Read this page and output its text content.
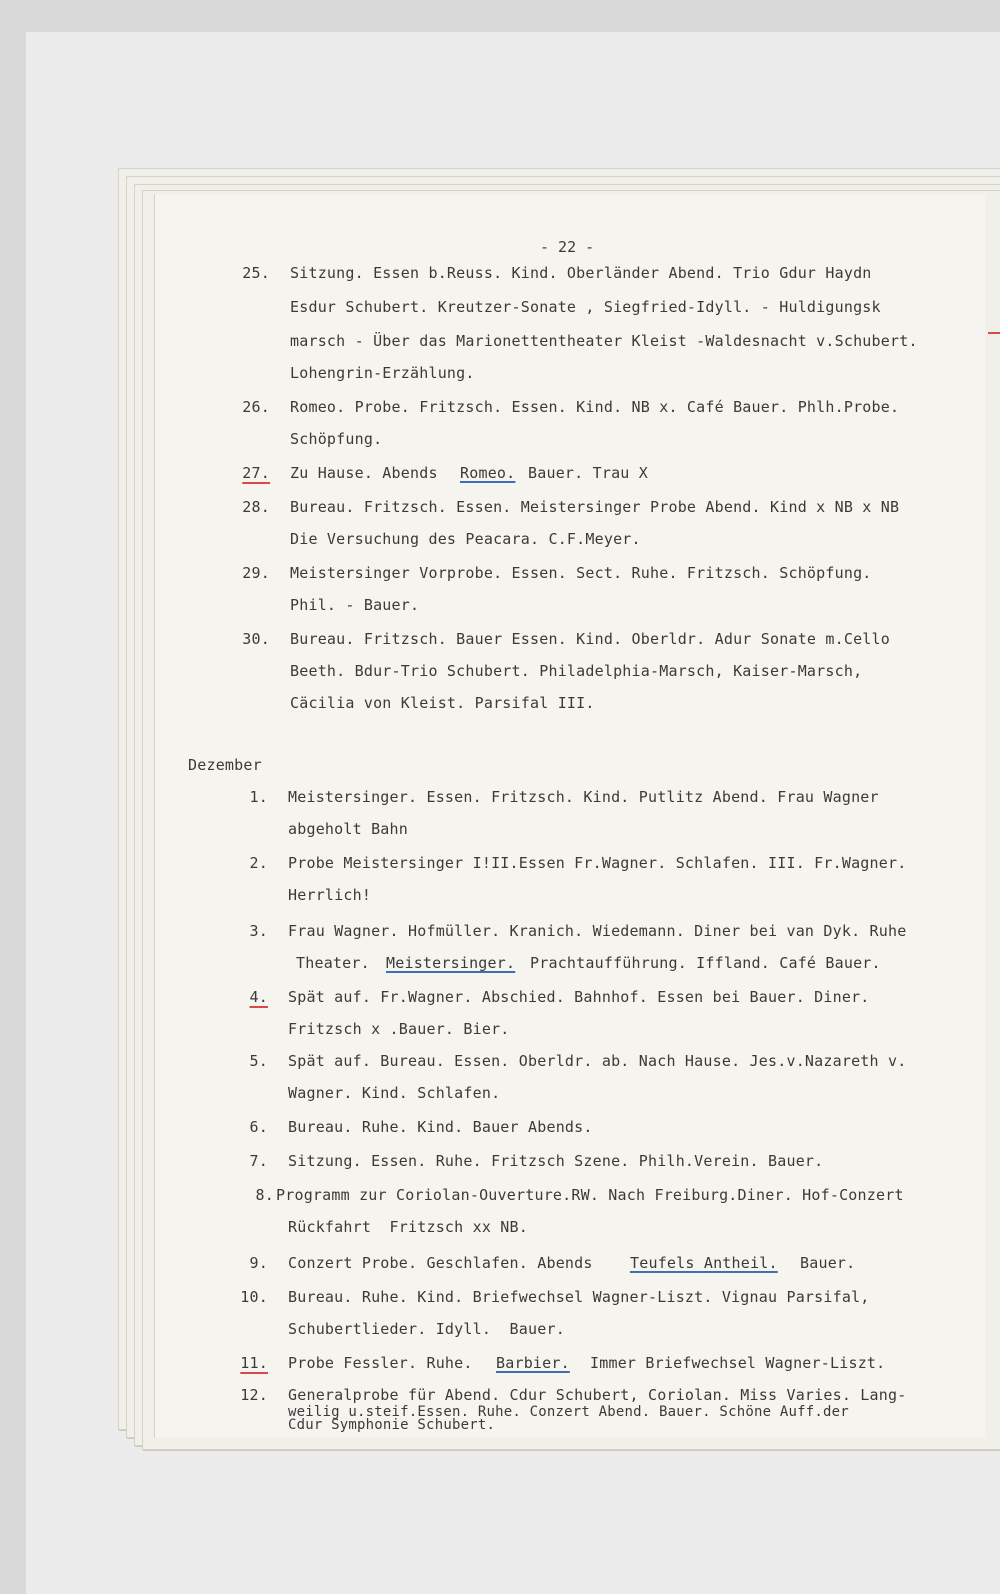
- 22 -
25. Sitzung. Essen b.Reuss. Kind. Oberländer Abend. Trio Gdur Haydn
Esdur Schubert. Kreutzer-Sonate , Siegfried-Idyll. - Huldigungsk
marsch - Über das Marionettentheater Kleist -Waldesnacht v.Schubert.
Lohengrin-Erzählung.
26. Romeo. Probe. Fritzsch. Essen. Kind. NB x. Café Bauer. Phlh.Probe.
Schöpfung.
27. Zu Hause. Abends Romeo. Bauer. Trau X
28. Bureau. Fritzsch. Essen. Meistersinger Probe Abend. Kind x NB x NB
Die Versuchung des Peacara. C.F.Meyer.
29. Meistersinger Vorprobe. Essen. Sect. Ruhe. Fritzsch. Schöpfung.
Phil. - Bauer.
30. Bureau. Fritzsch. Bauer Essen. Kind. Oberldr. Adur Sonate m.Cello
Beeth. Bdur-Trio Schubert. Philadelphia-Marsch, Kaiser-Marsch,
Cäcilia von Kleist. Parsifal III.
Dezember
1. Meistersinger. Essen. Fritzsch. Kind. Putlitz Abend. Frau Wagner
abgeholt Bahn
2. Probe Meistersinger I!II.Essen Fr.Wagner. Schlafen. III. Fr.Wagner.
Herrlich!
3. Frau Wagner. Hofmüller. Kranich. Wiedemann. Diner bei van Dyk. Ruhe
Theater. Meistersinger. Prachtaufführung. Iffland. Café Bauer.
4. Spät auf. Fr.Wagner. Abschied. Bahnhof. Essen bei Bauer. Diner.
Fritzsch x .Bauer. Bier.
5. Spät auf. Bureau. Essen. Oberldr. ab. Nach Hause. Jes.v.Nazareth v.
Wagner. Kind. Schlafen.
6. Bureau. Ruhe. Kind. Bauer Abends.
7. Sitzung. Essen. Ruhe. Fritzsch Szene. Philh.Verein. Bauer.
8. Programm zur Coriolan-Ouverture.RW. Nach Freiburg.Diner. Hof-Conzert
Rückfahrt  Fritzsch xx NB.
9. Conzert Probe. Geschlafen. Abends Teufels Antheil. Bauer.
10. Bureau. Ruhe. Kind. Briefwechsel Wagner-Liszt. Vignau Parsifal,
Schubertlieder. Idyll.  Bauer.
11. Probe Fessler. Ruhe. Barbier. Immer Briefwechsel Wagner-Liszt.
12. Generalprobe für Abend. Cdur Schubert, Coriolan. Miss Varies. Lang-
weilig u.steif.Essen. Ruhe. Conzert Abend. Bauer. Schöne Auff.der
Cdur Symphonie Schubert.
